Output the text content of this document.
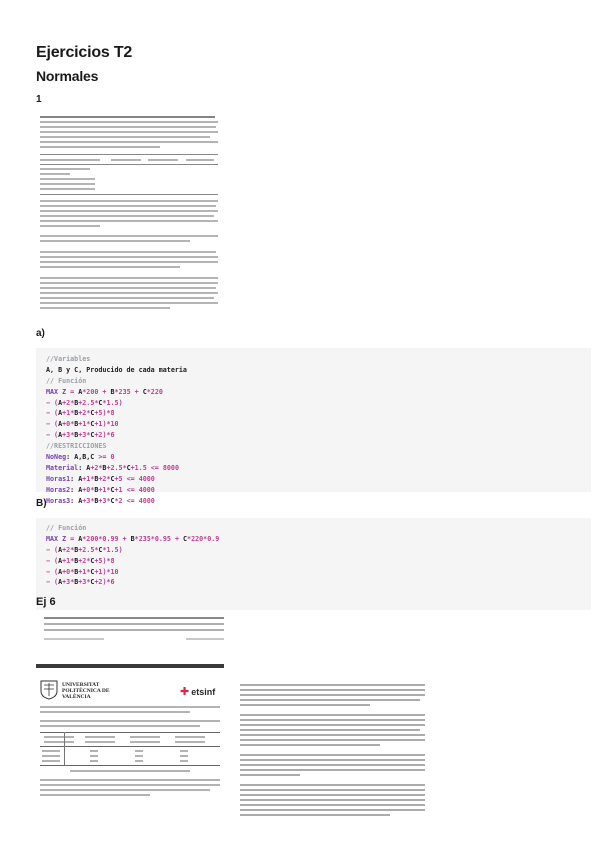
Ejercicios T2
Normales

1

a)

//Variables
A, B y C, Producido de cada materia
// Función
MAX Z = A*200 + B*235 + C*220
− (A+2*B+2.5*C*1.5)
− (A+1*B+2*C+5)*8
− (A+0*B+1*C+1)*10
− (A+3*B+3*C+2)*6
//RESTRICCIONES
NoNeg: A,B,C >= 0
Material: A+2*B+2.5*C+1.5 <= 8000
Horas1: A+1*B+2*C+5 <= 4000
Horas2: A+0*B+1*C+1 <= 4000
Horas3: A+3*B+3*C*2 <= 4000

B)

// Función
MAX Z = A*200*0.99 + B*235*0.95 + C*220*0.9
− (A+2*B+2.5*C*1.5)
− (A+1*B+2*C+5)*8
− (A+0*B+1*C+1)*10
− (A+3*B+3*C+2)*6

Ej 6

UNIVERSITAT POLITÈCNICA DE VALÈNCIA	✚ etsinf
